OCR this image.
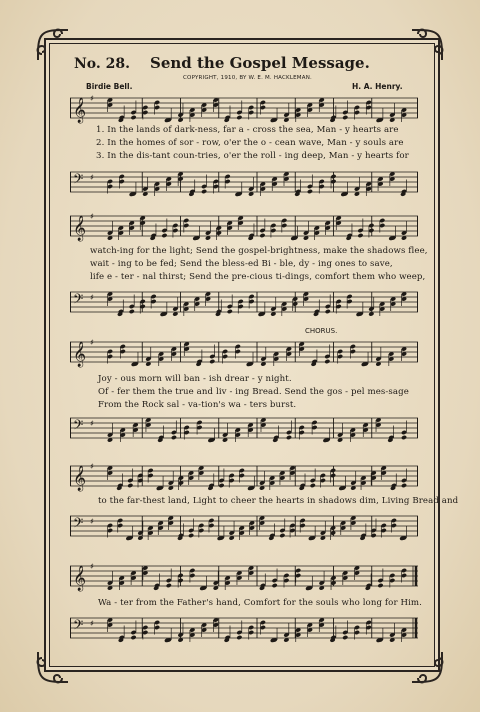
No. 28. Send the Gospel Message.
COPYRIGHT, 1910, BY W. E. M. HACKLEMAN.
Birdie Bell.	H. A. Henry.
CHORUS.
𝄞 ♯
1. In the lands of dark-ness, far a - cross the sea, Man - y hearts are
2. In the homes of sor - row, o'er the o - cean wave, Man - y souls are
3. In the dis-tant coun-tries, o'er the roll - ing deep, Man - y hearts for
𝄢 ♯
𝄞 ♯
watch-ing for the light; Send the gospel-brightness, make the shadows flee,
wait - ing to be fed; Send the bless-ed Bi - ble, dy - ing ones to save,
life e - ter - nal thirst; Send the pre-cious ti-dings, comfort them who weep,
𝄢 ♯
𝄞 ♯
Joy - ous morn will ban - ish drear - y night.
Of - fer them the true and liv - ing Bread. Send the gos - pel mes-sage
From the Rock sal - va-tion's wa - ters burst.
𝄢 ♯
𝄞 ♯
to the far-thest land, Light to cheer the hearts in shadows dim, Living Bread and
𝄢 ♯
𝄞 ♯
Wa - ter from the Father's hand, Comfort for the souls who long for Him.
𝄢 ♯
